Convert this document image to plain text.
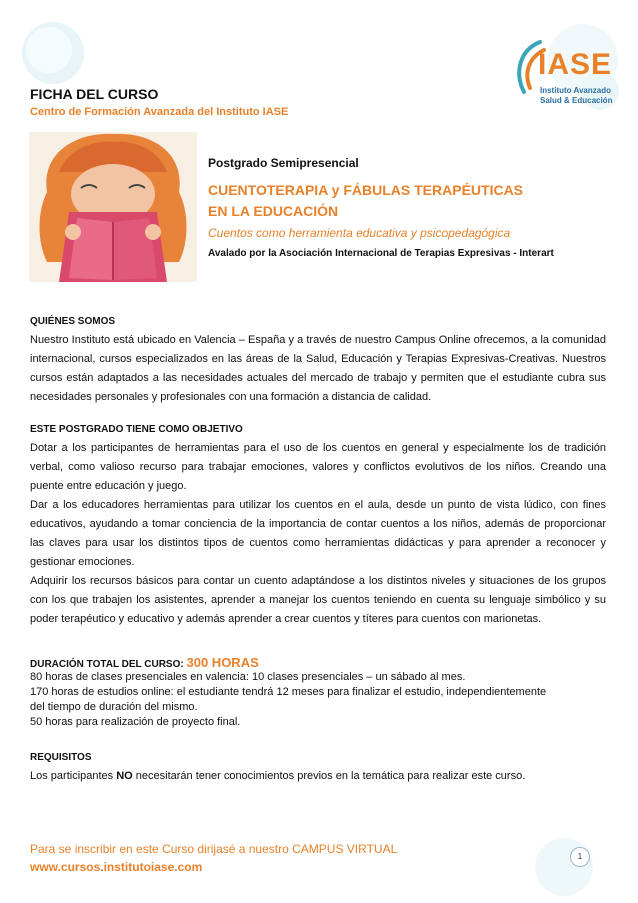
IASE
Instituto Avanzado
Salud & Educación
FICHA DEL CURSO
Centro de Formación Avanzada del Instituto IASE
Postgrado Semipresencial
CUENTOTERAPIA y FÁBULAS TERAPÉUTICAS
EN LA EDUCACIÓN
Cuentos como herramienta educativa y psicopedagógica
Avalado por la Asociación Internacional de Terapias Expresivas - Interart
QUIÉNES SOMOS

Nuestro Instituto está ubicado en Valencia – España y a través de nuestro Campus Online ofrecemos, a la comunidad internacional, cursos especializados en las áreas de la Salud, Educación y Terapias Expresivas-Creativas. Nuestros cursos están adaptados a las necesidades actuales del mercado de trabajo y permiten que el estudiante cubra sus necesidades personales y profesionales con una formación a distancia de calidad.

ESTE POSTGRADO TIENE COMO OBJETIVO

Dotar a los participantes de herramientas para el uso de los cuentos en general y especialmente los de tradición verbal, como valioso recurso para trabajar emociones, valores y conflictos evolutivos de los niños. Creando una puente entre educación y juego.

Dar a los educadores herramientas para utilizar los cuentos en el aula, desde un punto de vista lúdico, con fines educativos, ayudando a tomar conciencia de la importancia de contar cuentos a los niños, además de proporcionar las claves para usar los distintos tipos de cuentos como herramientas didácticas y para aprender a reconocer y gestionar emociones.

Adquirir los recursos básicos para contar un cuento adaptándose a los distintos niveles y situaciones de los grupos con los que trabajen los asistentes, aprender a manejar los cuentos teniendo en cuenta su lenguaje simbólico y su poder terapéutico y educativo y además aprender a crear cuentos y títeres para cuentos con marionetas.

DURACIÓN TOTAL DEL CURSO: 300 HORAS
80 horas de clases presenciales en valencia: 10 clases presenciales – un sábado al mes.
170 horas de estudios online: el estudiante tendrá 12 meses para finalizar el estudio, independientemente
del tiempo de duración del mismo.
50 horas para realización de proyecto final.
REQUISITOS

Los participantes NO necesitarán tener conocimientos previos en la temática para realizar este curso.

Para se inscribir en este Curso dirijasé a nuestro CAMPUS VIRTUAL
www.cursos.institutoiase.com
1
